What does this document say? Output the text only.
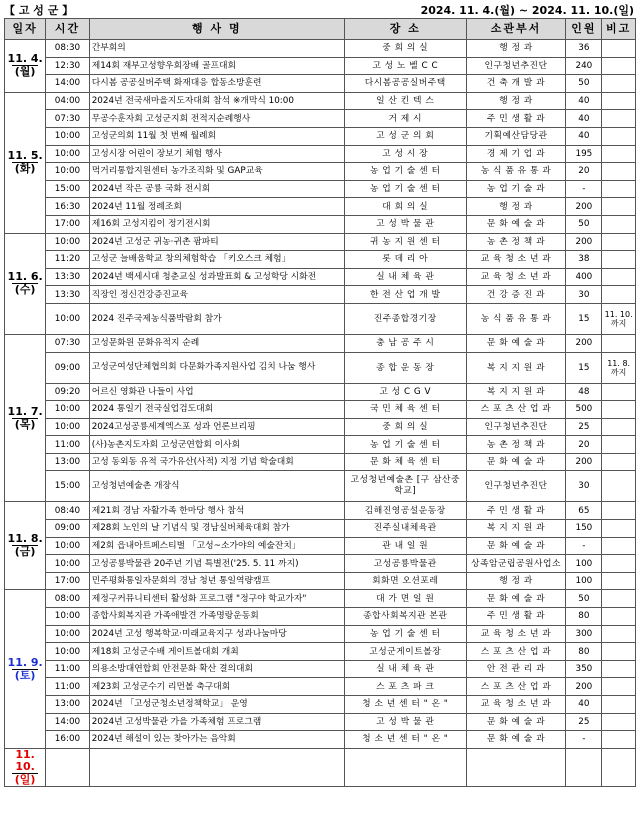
【 고 성 군 】	2024. 11. 4.(월) ~ 2024. 11. 10.(일)
일자	시간	행 사 명	장 소	소관부서	인원	비고

11. 4.
(월)	08:30	간부회의	중 회 의 실	행 정 과	36	
	12:30	제14회 재부고성향우회장배 골프대회	고 성 노 벨 C C	인구청년추진단	240	
	14:00	다시봄 공공실버주택 화재대응 합동소방훈련	다시봄공공실버주택	건 축 개 발 과	50	

11. 5.
(화)	04:00	2024년 전국새마을지도자대회 참석 ※개막식 10:00	일 산 킨 텍 스	행 정 과	40	
	07:30	무공수훈자회 고성군지회 전적지순례행사	거 제 시	주 민 생 활 과	40	
	10:00	고성군의회 11월 첫 번째 월례회	고 성 군 의 회	기획예산담당관	40	
	10:00	고성시장 어린이 장보기 체험 행사	고 성 시 장	경 제 기 업 과	195	
	10:00	먹거리통합지원센터 농가조직화 및 GAP교육	농 업 기 술 센 터	농 식 품 유 통 과	20	
	15:00	2024년 작은 공룡 국화 전시회	농 업 기 술 센 터	농 업 기 술 과	-	
	16:30	2024년 11월 정례조회	대 회 의 실	행 정 과	200	
	17:00	제16회 고성지킴이 정기전시회	고 성 박 물 관	문 화 예 술 과	50	

11. 6.
(수)	10:00	2024년 고성군 귀농·귀촌 팜파티	귀 농 지 원 센 터	농 촌 정 책 과	200	
	11:20	고성군 늘배움학교 창의체험학습 「키오스크 체험」	롯 데 리 아	교 육 청 소 년 과	38	
	13:30	2024년 백세시대 청춘교실 성과발표회 & 고성학당 시화전	실 내 체 육 관	교 육 청 소 년 과	400	
	13:30	직장인 정신건강증진교육	한 전 산 업 개 발	건 강 증 진 과	30	
	10:00	2024 진주국제농식품박람회 참가	진주종합경기장	농 식 품 유 통 과	15	11. 10. 까지

11. 7.
(목)	07:30	고성문화원 문화유적지 순례	충 남 공 주 시	문 화 예 술 과	200	
	09:00	고성군여성단체협의회 다문화가족지원사업 김치 나눔 행사	종 합 운 동 장	복 지 지 원 과	15	11. 8. 까지
	09:20	어르신 영화관 나들이 사업	고 성 C G V	복 지 지 원 과	48	
	10:00	2024 통일기 전국실업검도대회	국 민 체 육 센 터	스 포 츠 산 업 과	500	
	10:00	2024고성공룡세계엑스포 성과 언론브리핑	중 회 의 실	인구청년추진단	25	
	11:00	(사)농촌지도자회 고성군연합회 이사회	농 업 기 술 센 터	농 촌 정 책 과	20	
	13:00	고성 동외동 유적 국가유산(사적) 지정 기념 학술대회	문 화 체 육 센 터	문 화 예 술 과	200	
	15:00	고성청년예술촌 개장식	고성청년예술촌 [구 삼산중학교]	인구청년추진단	30	

11. 8.
(금)	08:40	제21회 경남 자활가족 한마당 행사 참석	김해진영공설운동장	주 민 생 활 과	65	
	09:00	제28회 노인의 날 기념식 및 경남실버체육대회 참가	진주실내체육관	복 지 지 원 과	150	
	10:00	제2회 읍내아트페스티벌 「고성~소가야의 예술잔치」	관 내 일 원	문 화 예 술 과	-	
	10:00	고성공룡박물관 20주년 기념 특별전('25. 5. 11 까지)	고성공룡박물관	상족암군립공원사업소	100	
	17:00	민주평화통일자문회의 경남 청년 통일역량캠프	회화면 오션포레	행 정 과	100	

11. 9.
(토)	08:00	제정구커뮤니티센터 활성화 프로그램 "정구야 학교가자"	대 가 면 일 원	문 화 예 술 과	50	
	10:00	종합사회복지관 가족애발견 가족명랑운동회	종합사회복지관 본관	주 민 생 활 과	80	
	10:00	2024년 고성 행복학교·미래교육지구 성과나눔마당	농 업 기 술 센 터	교 육 청 소 년 과	300	
	10:00	제18회 고성군수배 게이트볼대회 개최	고성군게이트볼장	스 포 츠 산 업 과	80	
	11:00	의용소방대연합회 안전문화 확산 결의대회	실 내 체 육 관	안 전 관 리 과	350	
	11:00	제23회 고성군수기 리먼볼 축구대회	스 포 츠 파 크	스 포 츠 산 업 과	200	
	13:00	2024년 「고성군청소년정책학교」 운영	청 소 년 센 터 " 온 "	교 육 청 소 년 과	40	
	14:00	2024년 고성박물관 가을 가족체험 프로그램	고 성 박 물 관	문 화 예 술 과	25	
	16:00	2024년 해설이 있는 찾아가는 음악회	청 소 년 센 터 " 온 "	문 화 예 술 과	-	

11. 10.
(일)						
